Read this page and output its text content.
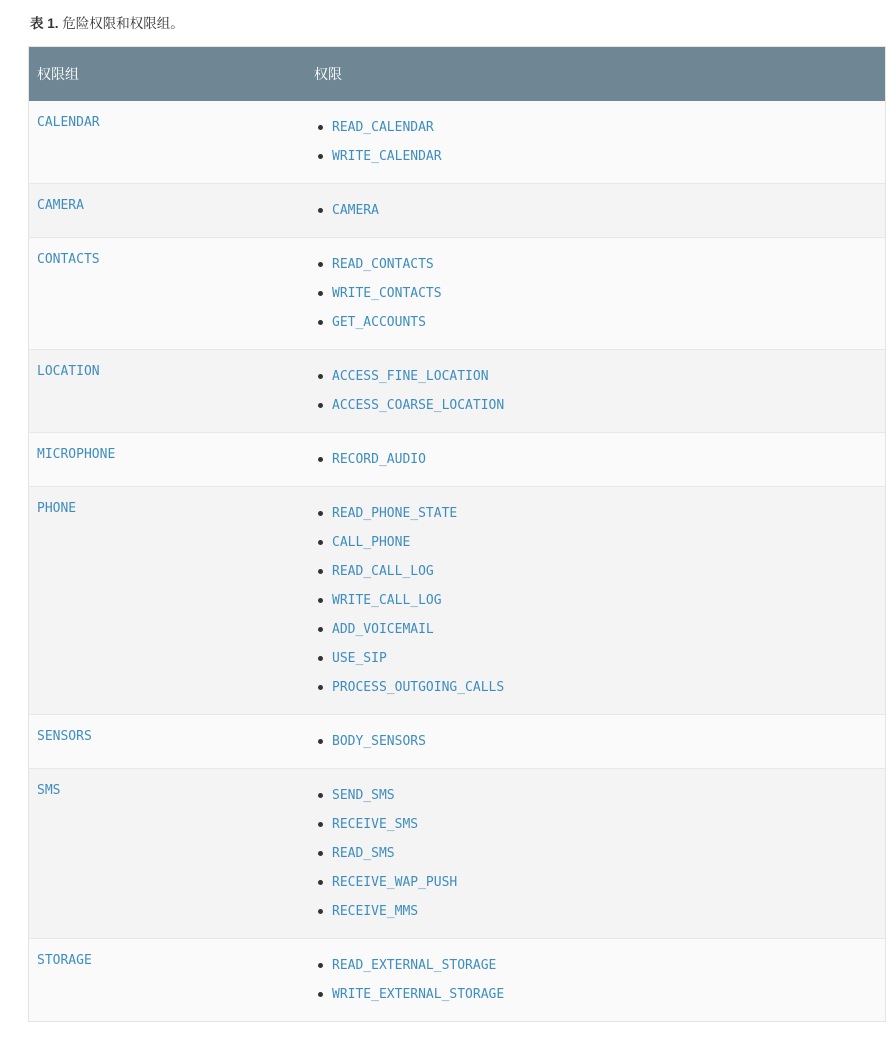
表 1. 危险权限和权限组。
权限组	权限

CALENDAR	READ_CALENDAR
WRITE_CALENDAR

CAMERA	CAMERA

CONTACTS	READ_CONTACTS
WRITE_CONTACTS
GET_ACCOUNTS

LOCATION	ACCESS_FINE_LOCATION
ACCESS_COARSE_LOCATION

MICROPHONE	RECORD_AUDIO

PHONE	READ_PHONE_STATE
CALL_PHONE
READ_CALL_LOG
WRITE_CALL_LOG
ADD_VOICEMAIL
USE_SIP
PROCESS_OUTGOING_CALLS

SENSORS	BODY_SENSORS

SMS	SEND_SMS
RECEIVE_SMS
READ_SMS
RECEIVE_WAP_PUSH
RECEIVE_MMS

STORAGE	READ_EXTERNAL_STORAGE
WRITE_EXTERNAL_STORAGE
